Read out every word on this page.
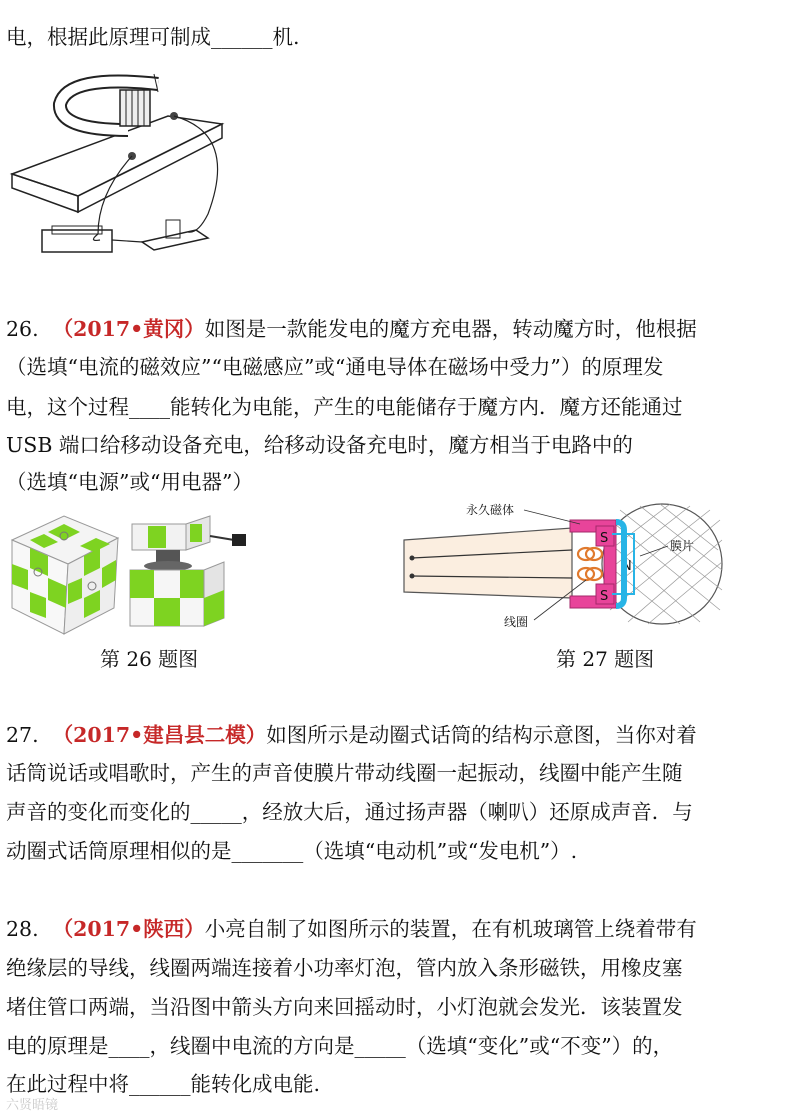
电，根据此原理可制成______机.
26. （2017•黄冈）如图是一款能发电的魔方充电器，转动魔方时，他根据
（选填“电流的磁效应”“电磁感应”或“通电导体在磁场中受力”）的原理发
电，这个过程____能转化为电能，产生的电能储存于魔方内．魔方还能通过
USB 端口给移动设备充电，给移动设备充电时，魔方相当于电路中的
（选填“电源”或“用电器”）
第 26 题图
S
S
N
永久磁体
膜片
线圈
第 27 题图
27. （2017•建昌县二模）如图所示是动圈式话筒的结构示意图，当你对着
话筒说话或唱歌时，产生的声音使膜片带动线圈一起振动，线圈中能产生随
声音的变化而变化的_____，经放大后，通过扬声器（喇叭）还原成声音．与
动圈式话筒原理相似的是_______（选填“电动机”或“发电机”）.
28. （2017•陕西）小亮自制了如图所示的装置，在有机玻璃管上绕着带有
绝缘层的导线，线圈两端连接着小功率灯泡，管内放入条形磁铁，用橡皮塞
堵住管口两端，当沿图中箭头方向来回摇动时，小灯泡就会发光．该装置发
电的原理是____，线圈中电流的方向是_____（选填“变化”或“不变”）的，
在此过程中将______能转化成电能.
六贤晤镜
